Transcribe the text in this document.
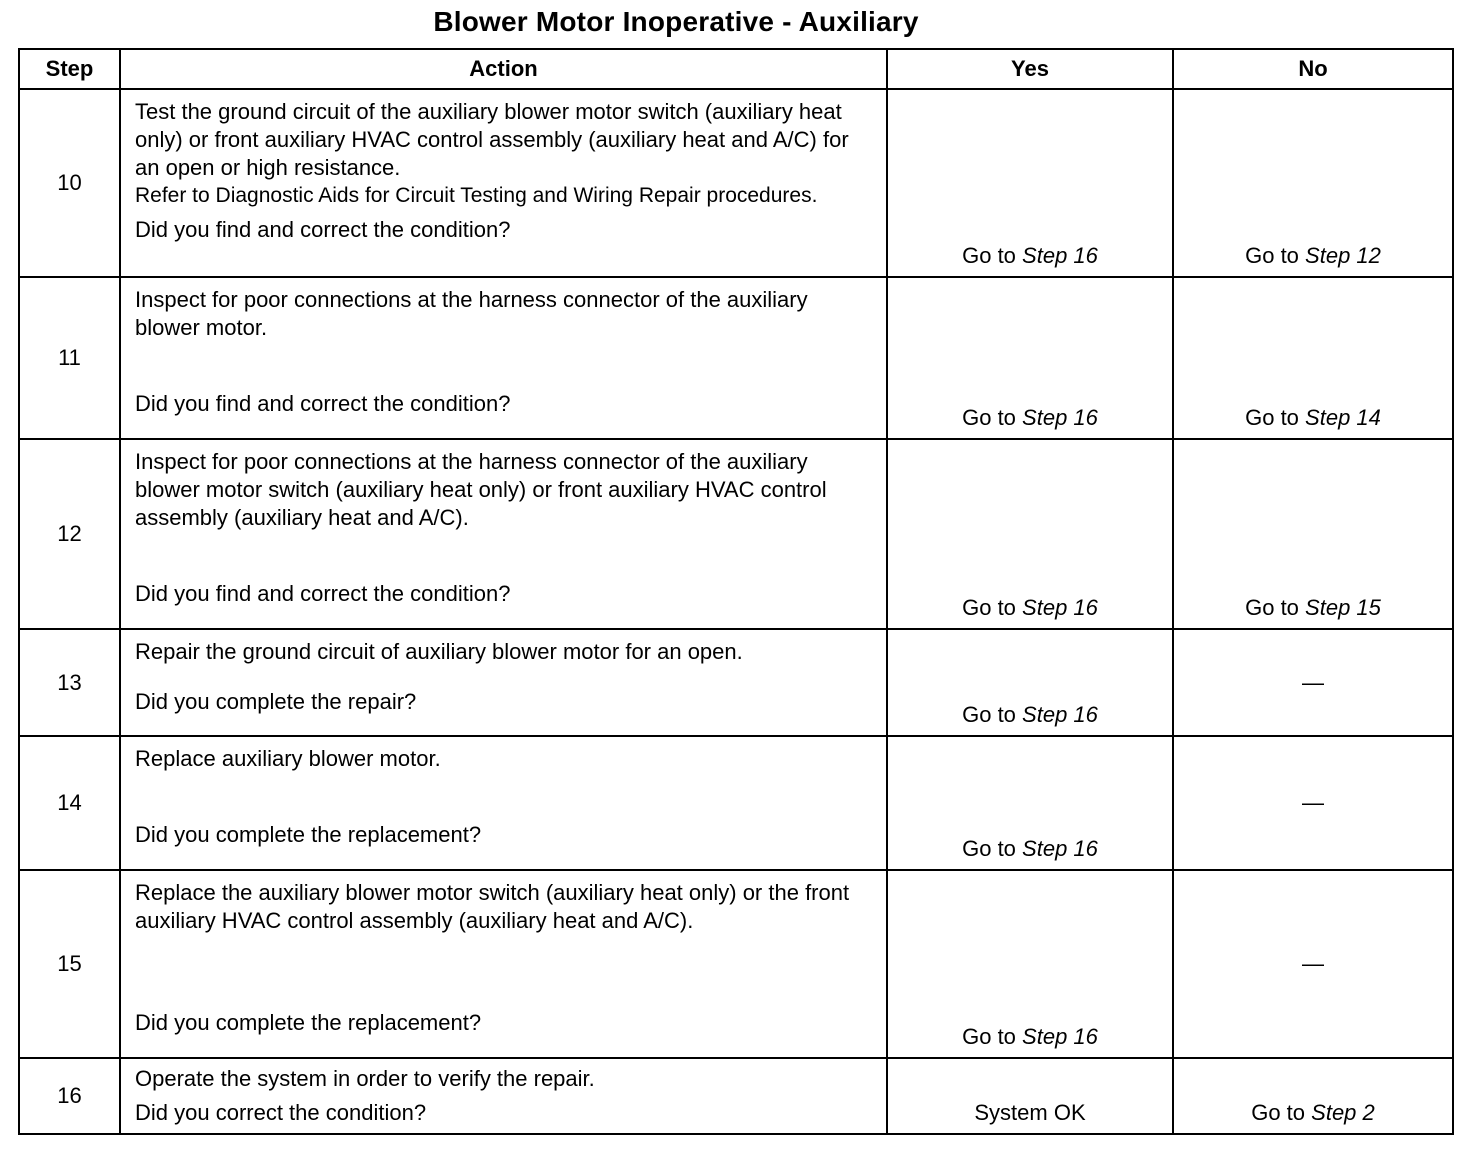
Blower Motor Inoperative - Auxiliary
Step	Action	Yes	No
10	Test the ground circuit of the auxiliary blower motor switch (auxiliary heat only) or front auxiliary HVAC control assembly (auxiliary heat and A/C) for an open or high resistance.
Refer to Diagnostic Aids for Circuit Testing and Wiring Repair procedures.
Did you find and correct the condition?	Go to Step 16	Go to Step 12
11	Inspect for poor connections at the harness connector of the auxiliary blower motor.
Did you find and correct the condition?	Go to Step 16	Go to Step 14
12	Inspect for poor connections at the harness connector of the auxiliary blower motor switch (auxiliary heat only) or front auxiliary HVAC control assembly (auxiliary heat and A/C).
Did you find and correct the condition?	Go to Step 16	Go to Step 15
13	Repair the ground circuit of auxiliary blower motor for an open.
Did you complete the repair?	Go to Step 16	—
14	Replace auxiliary blower motor.
Did you complete the replacement?	Go to Step 16	—
15	Replace the auxiliary blower motor switch (auxiliary heat only) or the front auxiliary HVAC control assembly (auxiliary heat and A/C).
Did you complete the replacement?	Go to Step 16	—
16	Operate the system in order to verify the repair.
Did you correct the condition?	System OK	Go to Step 2
